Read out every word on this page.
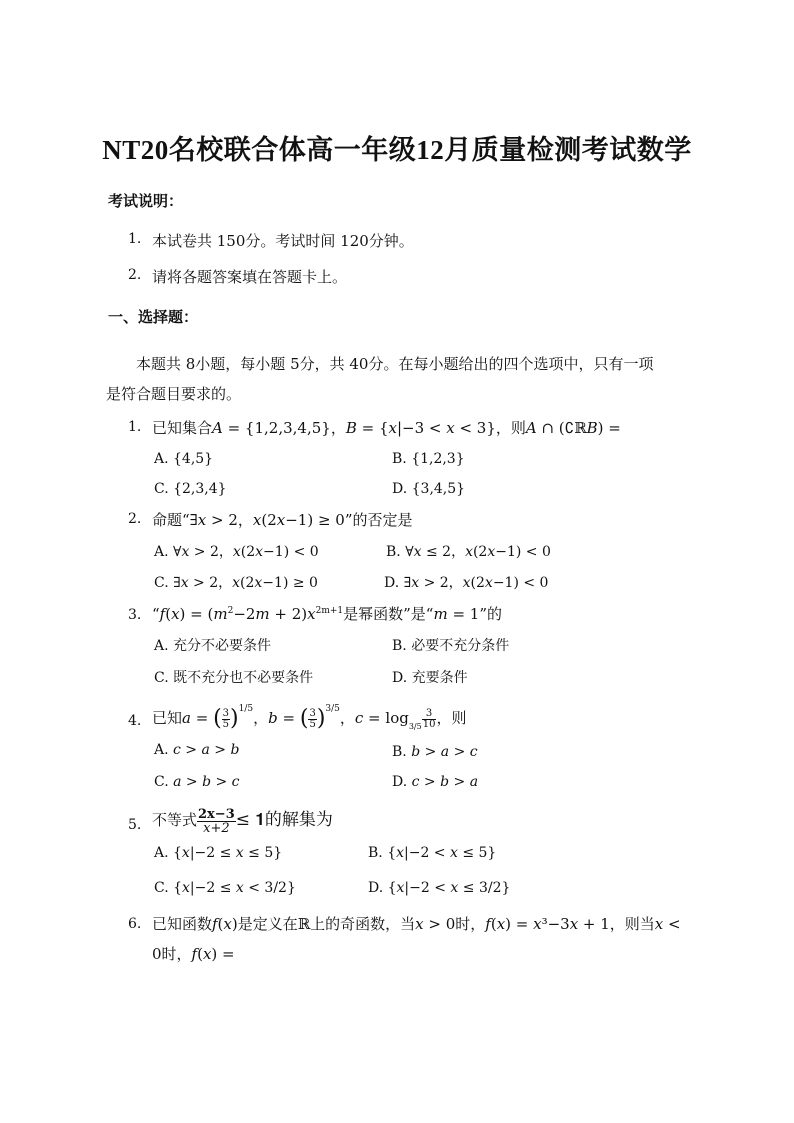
NT20名校联合体高一年级12月质量检测考试数学
考试说明：
1. 本试卷共 150分。考试时间 120分钟。
2. 请将各题答案填在答题卡上。
一、选择题：
本题共 8小题，每小题 5分，共 40分。在每小题给出的四个选项中，只有一项
是符合题目要求的。
1. 已知集合𝐴 = {1,2,3,4,5}，𝐵 = {𝑥|−3 < 𝑥 < 3}，则𝐴 ∩ (∁ℝ𝐵) =
A. {4,5}	B. {1,2,3}
C. {2,3,4}	D. {3,4,5}
2. 命题“∃𝑥 > 2，𝑥(2𝑥−1) ≥ 0”的否定是
A. ∀𝑥 > 2，𝑥(2𝑥−1) < 0	B. ∀𝑥 ≤ 2，𝑥(2𝑥−1) < 0
C. ∃𝑥 > 2，𝑥(2𝑥−1) ≥ 0	D. ∃𝑥 > 2，𝑥(2𝑥−1) < 0
3. “𝑓(𝑥) = (𝑚$^2$−2𝑚 + 2)𝑥$^{2m+1}$是幂函数”是“𝑚 = 1”的
A. 充分不必要条件	B. 必要不充分条件
C. 既不充分也不必要条件	D. 充要条件
4. 已知𝑎 = ( $\frac{3}{5} )^{1/5}$，𝑏 = ( $\frac{3}{5} )^{3/5}$，𝑐 = $\log_{3/5} \frac{3}{10}$ ，则
A. 𝑐 > 𝑎 > 𝑏	B. 𝑏 > 𝑎 > 𝑐
C. 𝑎 > 𝑏 > 𝑐	D. 𝑐 > 𝑏 > 𝑎
5. 不等式 $\frac{2x-3}{x+2}$ ≤ 𝟏的解集为
A. {𝑥|−2 ≤ 𝑥 ≤ 5}	B. {𝑥|−2 < 𝑥 ≤ 5}
C. {𝑥|−2 ≤ 𝑥 < 3/2}	D. {𝑥|−2 < 𝑥 ≤ 3/2}
6. 已知函数𝑓(𝑥)是定义在ℝ上的奇函数，当𝑥 > 0时，𝑓(𝑥) = 𝑥³−3𝑥 + 1，则当𝑥 <
0时，𝑓(𝑥) =
